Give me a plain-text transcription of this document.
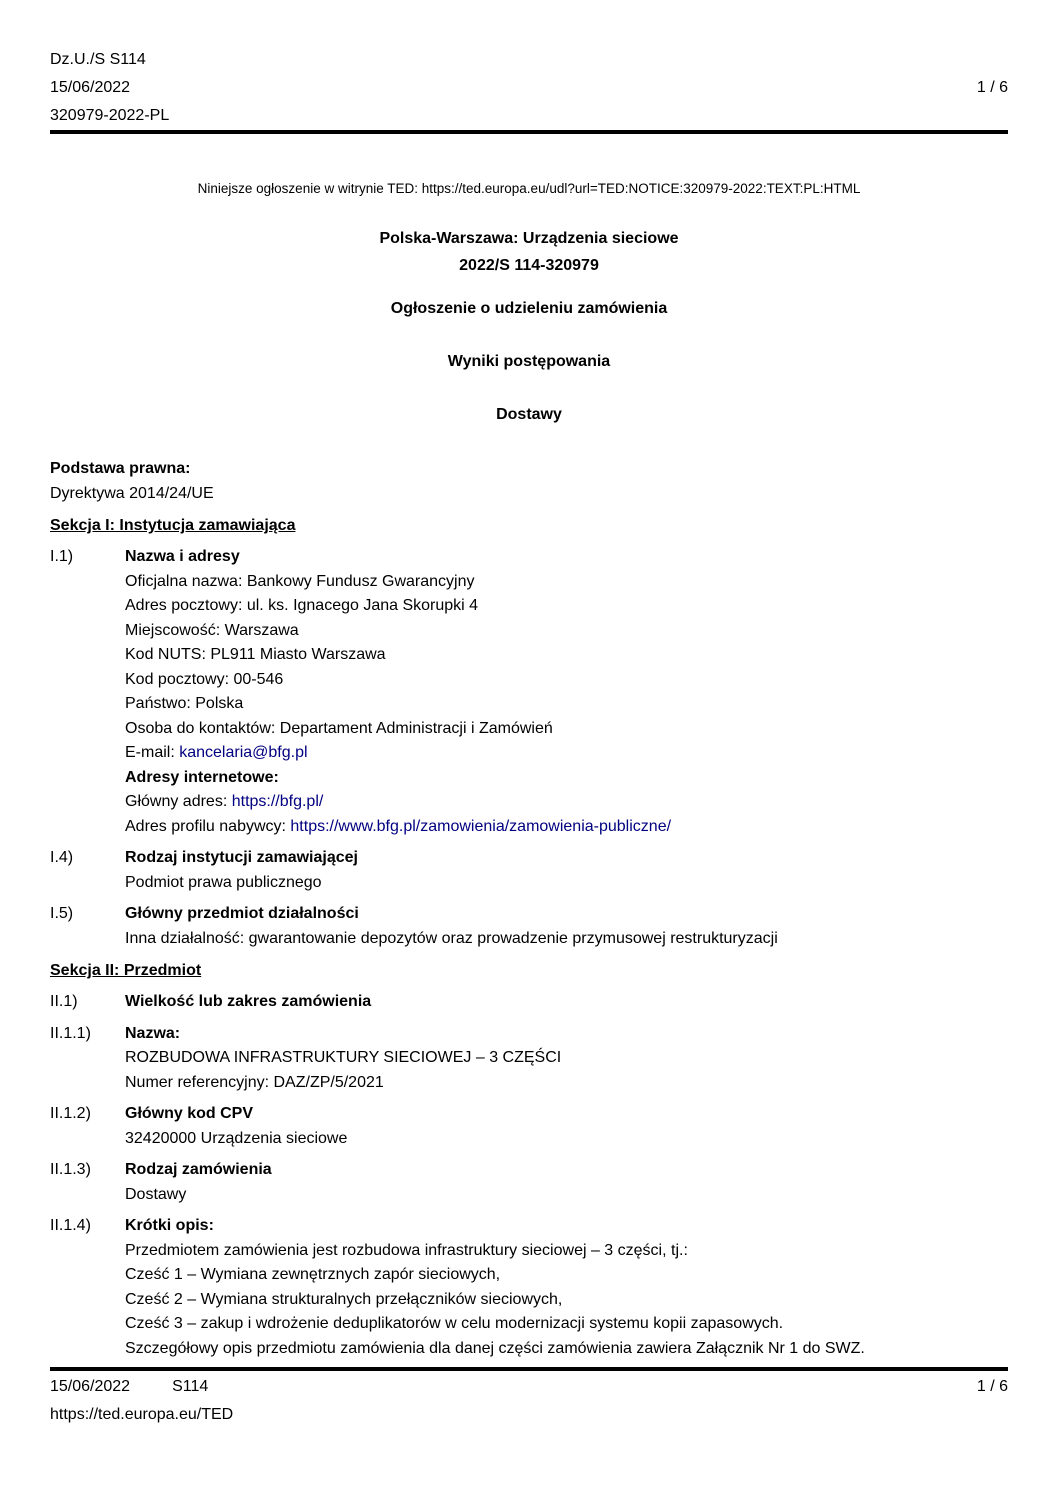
Dz.U./S S114
15/06/2022	1 / 6
320979-2022-PL
Niniejsze ogłoszenie w witrynie TED: https://ted.europa.eu/udl?url=TED:NOTICE:320979-2022:TEXT:PL:HTML
Polska-Warszawa: Urządzenia sieciowe
2022/S 114-320979
Ogłoszenie o udzieleniu zamówienia
Wyniki postępowania
Dostawy
Podstawa prawna:
Dyrektywa 2014/24/UE
Sekcja I: Instytucja zamawiająca
I.1)	Nazwa i adresy
Oficjalna nazwa: Bankowy Fundusz Gwarancyjny
Adres pocztowy: ul. ks. Ignacego Jana Skorupki 4
Miejscowość: Warszawa
Kod NUTS: PL911 Miasto Warszawa
Kod pocztowy: 00-546
Państwo: Polska
Osoba do kontaktów: Departament Administracji i Zamówień
E-mail: kancelaria@bfg.pl
Adresy internetowe:
Główny adres: https://bfg.pl/
Adres profilu nabywcy: https://www.bfg.pl/zamowienia/zamowienia-publiczne/
I.4)	Rodzaj instytucji zamawiającej
Podmiot prawa publicznego
I.5)	Główny przedmiot działalności
Inna działalność: gwarantowanie depozytów oraz prowadzenie przymusowej restrukturyzacji
Sekcja II: Przedmiot
II.1)	Wielkość lub zakres zamówienia
II.1.1)	Nazwa:
ROZBUDOWA INFRASTRUKTURY SIECIOWEJ – 3 CZĘŚCI
Numer referencyjny: DAZ/ZP/5/2021
II.1.2)	Główny kod CPV
32420000 Urządzenia sieciowe
II.1.3)	Rodzaj zamówienia
Dostawy
II.1.4)	Krótki opis:
Przedmiotem zamówienia jest rozbudowa infrastruktury sieciowej – 3 części, tj.:
Cześć 1 – Wymiana zewnętrznych zapór sieciowych,
Cześć 2 – Wymiana strukturalnych przełączników sieciowych,
Cześć 3 – zakup i wdrożenie deduplikatorów w celu modernizacji systemu kopii zapasowych.
Szczegółowy opis przedmiotu zamówienia dla danej części zamówienia zawiera Załącznik Nr 1 do SWZ.
15/06/2022	S114	1 / 6
https://ted.europa.eu/TED
